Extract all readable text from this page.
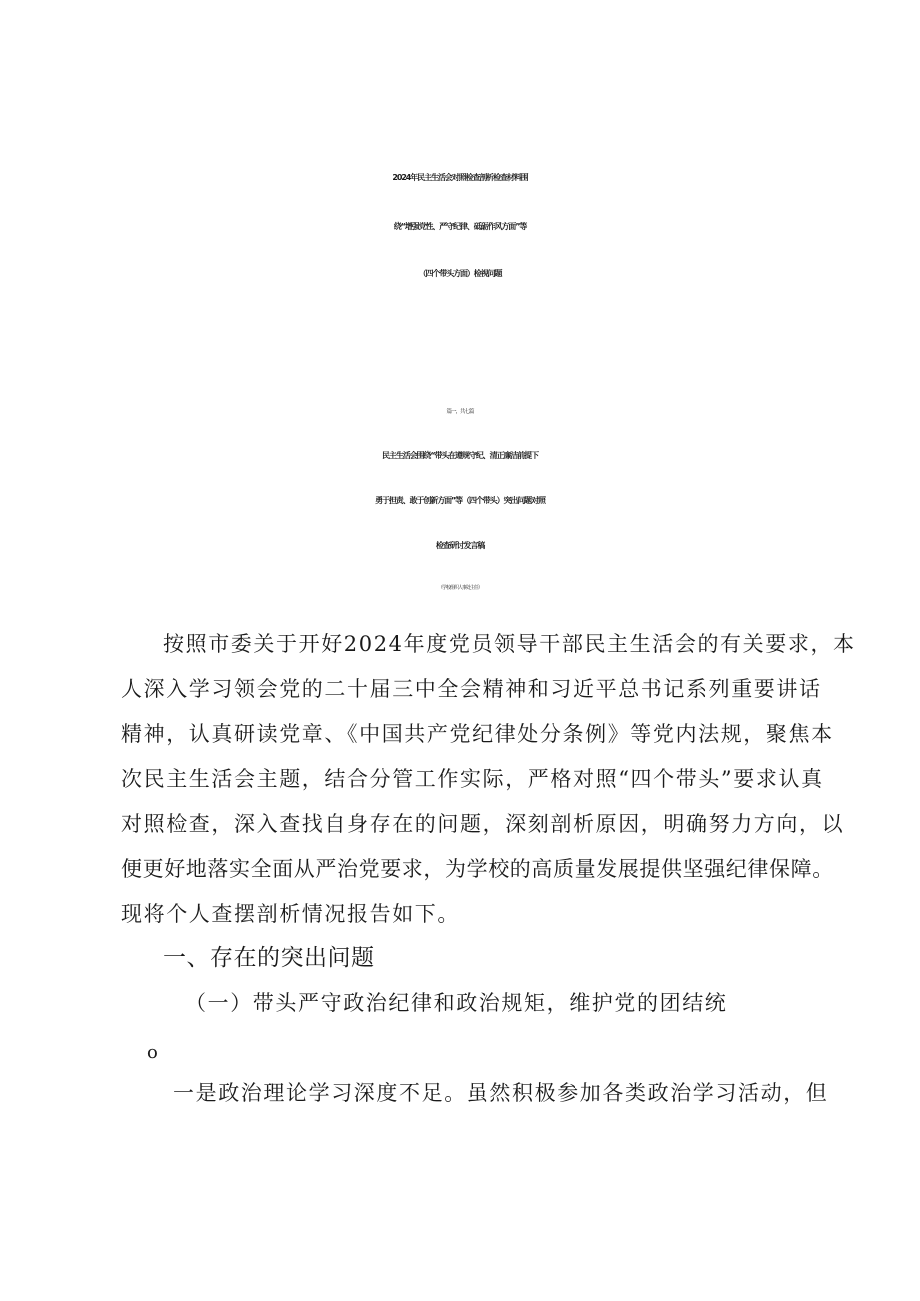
2024年民主生活会对照检查剖析检查材料围
绕“增强党性、严守纪律、砥砺作风方面”等
（四个带头方面）检视问题
篇一，共七篇
民主生活会围绕“带头在遵规守纪、清正廉洁前提下
勇于担责、敢于创新方面”等（四个带头）突出问题对照
检查研讨发言稿
（学校组织人事处主任）
按照市委关于开好2024年度党员领导干部民主生活会的有关要求，本
人深入学习领会党的二十届三中全会精神和习近平总书记系列重要讲话
精神，认真研读党章、《中国共产党纪律处分条例》等党内法规，聚焦本
次民主生活会主题，结合分管工作实际，严格对照“四个带头”要求认真
对照检查，深入查找自身存在的问题，深刻剖析原因，明确努力方向，以
便更好地落实全面从严治党要求，为学校的高质量发展提供坚强纪律保障。
现将个人查摆剖析情况报告如下。
一、存在的突出问题
（一）带头严守政治纪律和政治规矩，维护党的团结统
o
一是政治理论学习深度不足。虽然积极参加各类政治学习活动，但
